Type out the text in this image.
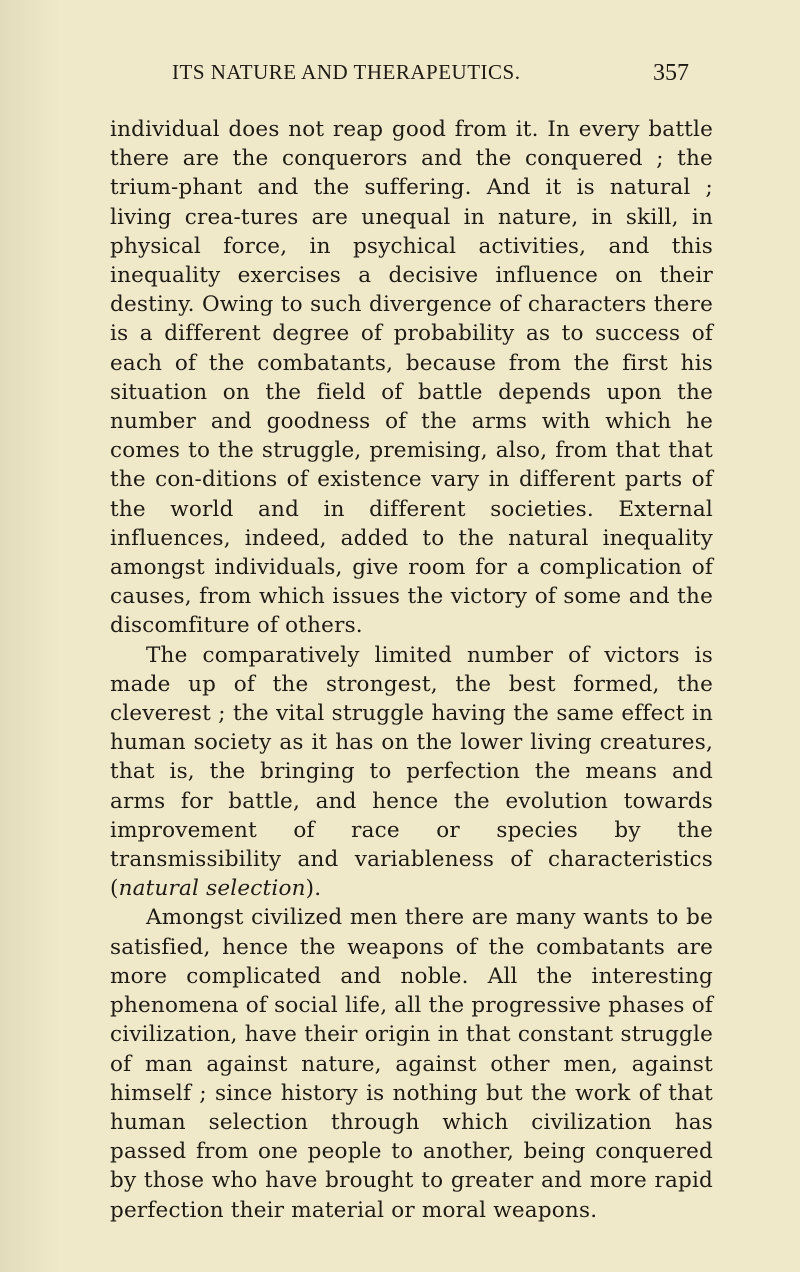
ITS NATURE AND THERAPEUTICS.	357

individual does not reap good from it. In every battle there are the conquerors and the conquered ; the trium-phant and the suffering. And it is natural ; living crea-tures are unequal in nature, in skill, in physical force, in psychical activities, and this inequality exercises a decisive influence on their destiny. Owing to such divergence of characters there is a different degree of probability as to success of each of the combatants, because from the first his situation on the field of battle depends upon the number and goodness of the arms with which he comes to the struggle, premising, also, from that that the con-ditions of existence vary in different parts of the world and in different societies. External influences, indeed, added to the natural inequality amongst individuals, give room for a complication of causes, from which issues the victory of some and the discomfiture of others.

The comparatively limited number of victors is made up of the strongest, the best formed, the cleverest ; the vital struggle having the same effect in human society as it has on the lower living creatures, that is, the bringing to perfection the means and arms for battle, and hence the evolution towards improvement of race or species by the transmissibility and variableness of characteristics (natural selection).

Amongst civilized men there are many wants to be satisfied, hence the weapons of the combatants are more complicated and noble. All the interesting phenomena of social life, all the progressive phases of civilization, have their origin in that constant struggle of man against nature, against other men, against himself ; since history is nothing but the work of that human selection through which civilization has passed from one people to another, being conquered by those who have brought to greater and more rapid perfection their material or moral weapons.
